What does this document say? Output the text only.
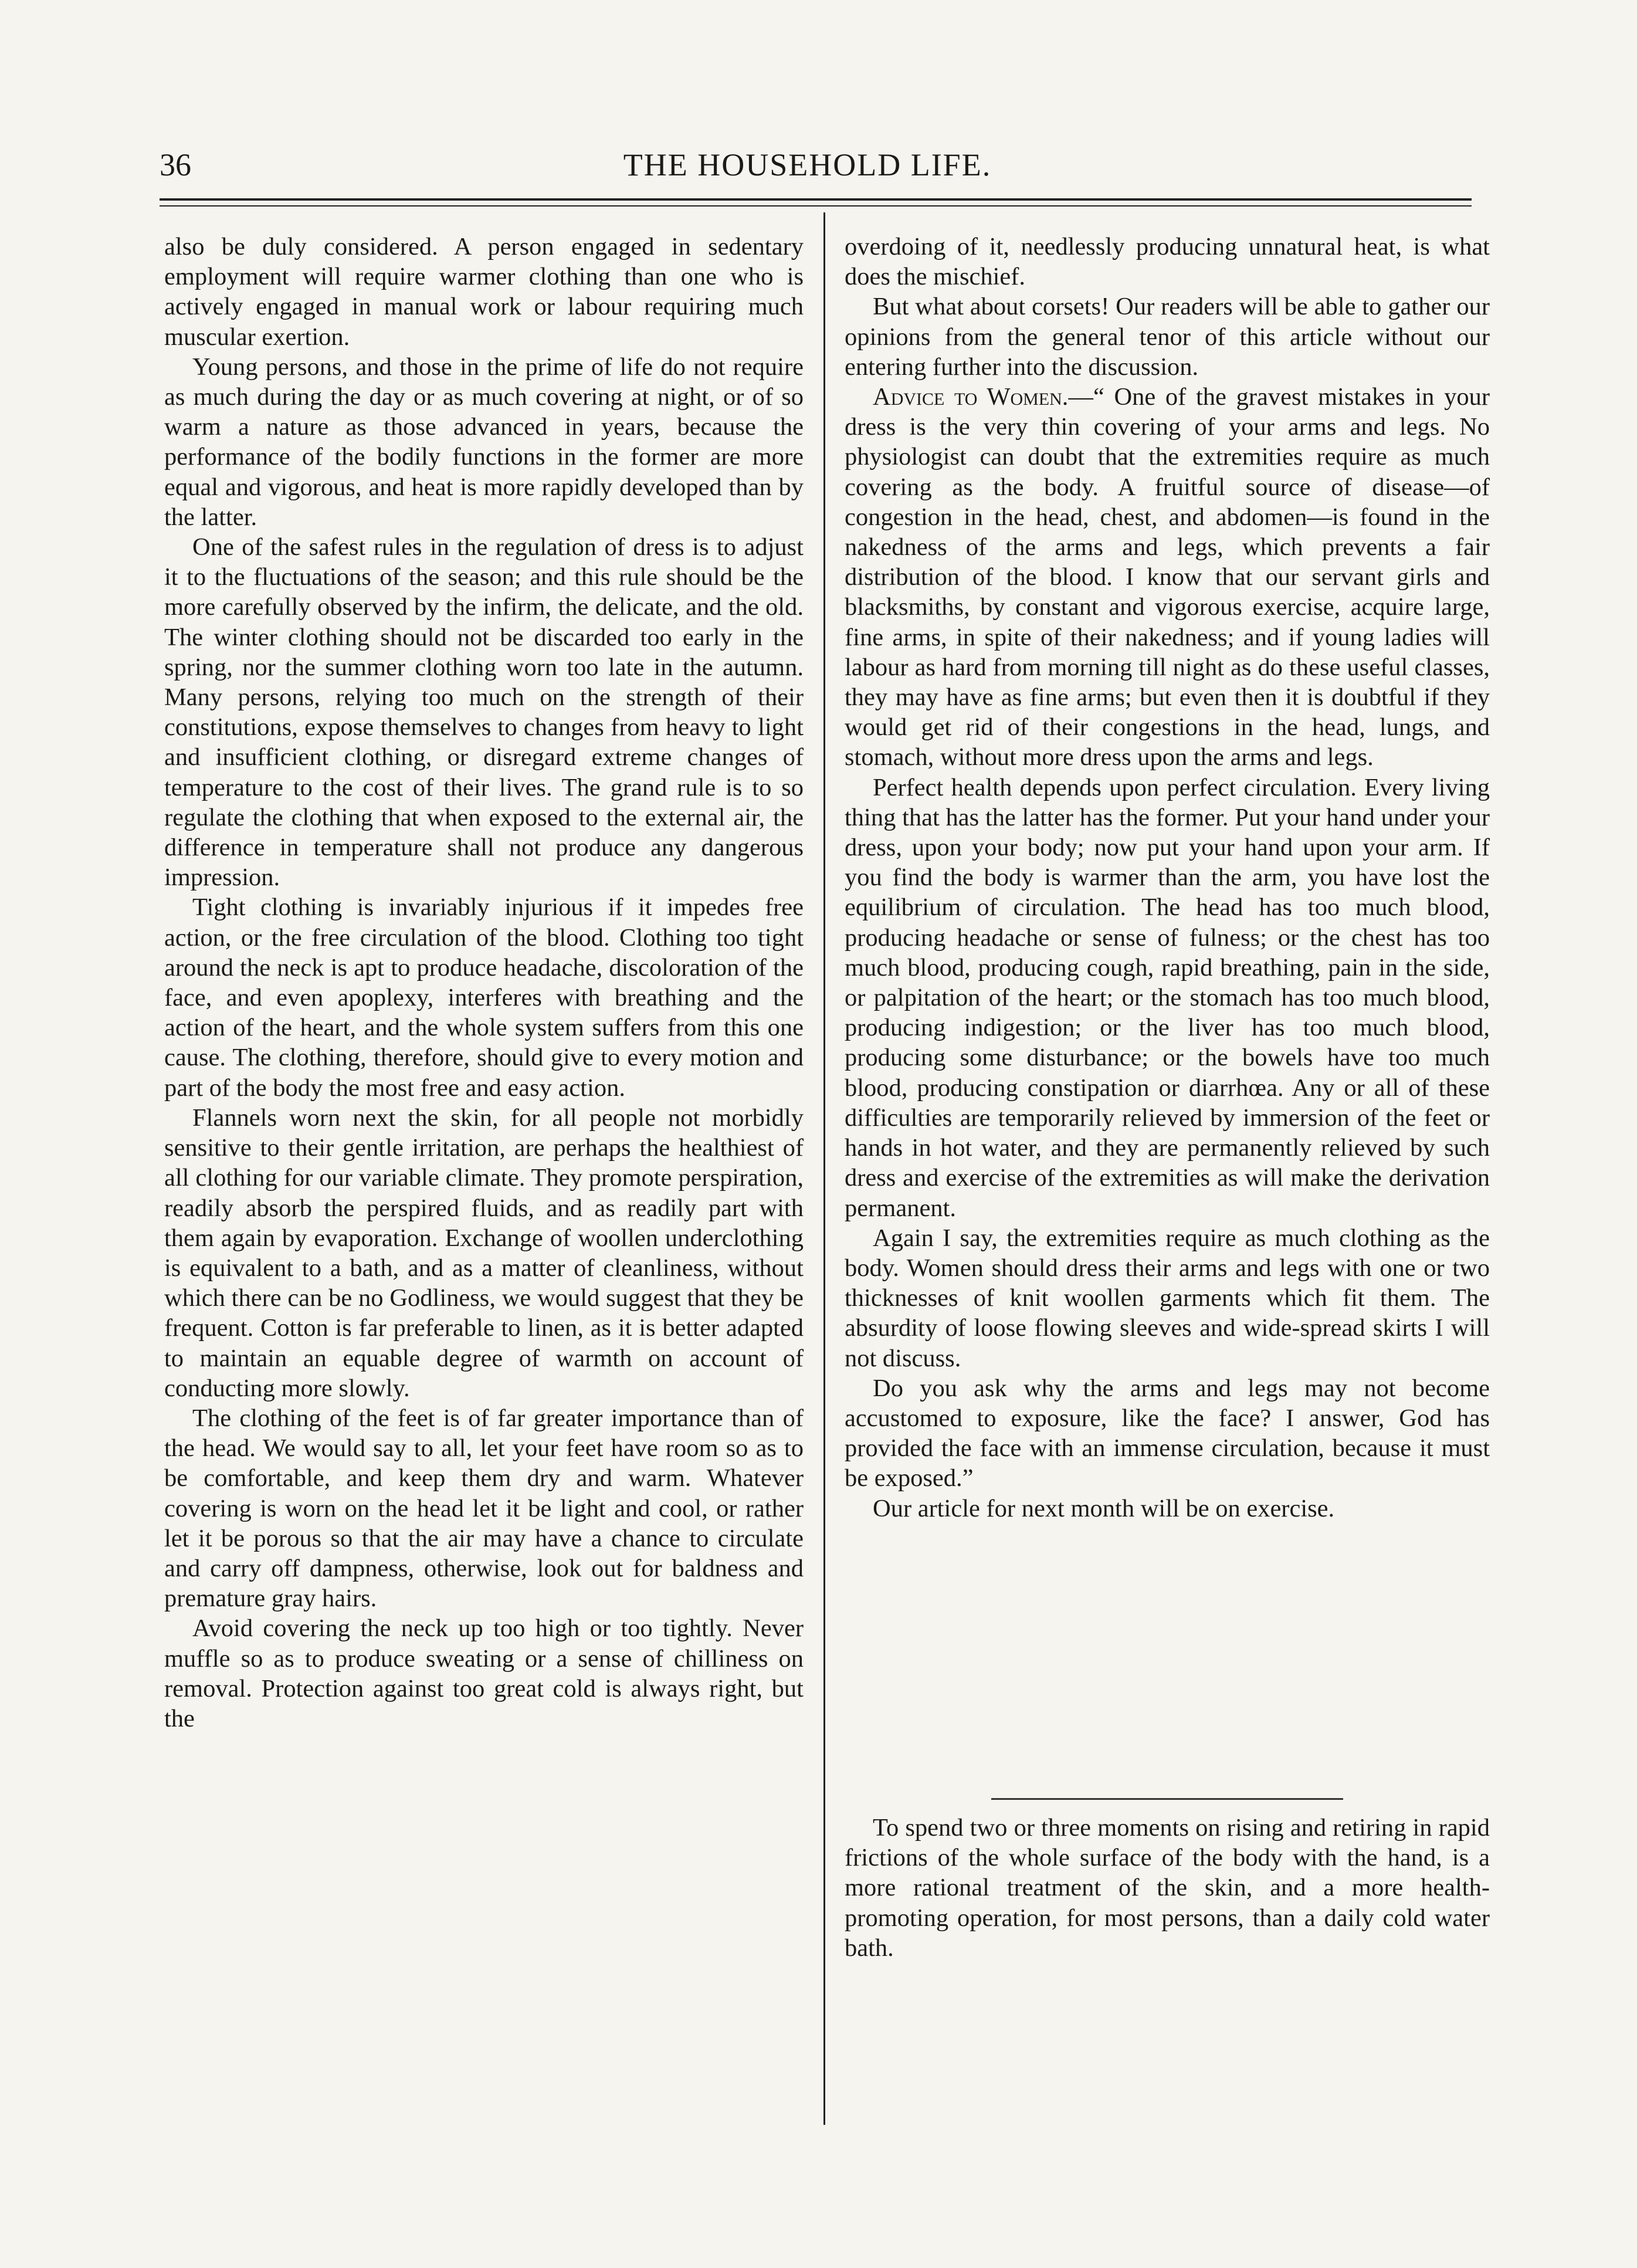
36	THE HOUSEHOLD LIFE.

also be duly considered. A person engaged in sedentary employment will require warmer clothing than one who is actively engaged in manual work or labour requiring much muscular exertion.

Young persons, and those in the prime of life do not require as much during the day or as much covering at night, or of so warm a nature as those advanced in years, because the performance of the bodily functions in the former are more equal and vigorous, and heat is more rapidly developed than by the latter.

One of the safest rules in the regulation of dress is to adjust it to the fluctuations of the season; and this rule should be the more carefully observed by the infirm, the delicate, and the old. The winter clothing should not be discarded too early in the spring, nor the summer clothing worn too late in the autumn. Many persons, relying too much on the strength of their constitutions, expose themselves to changes from heavy to light and insufficient clothing, or disregard extreme changes of temperature to the cost of their lives. The grand rule is to so regulate the clothing that when exposed to the external air, the difference in temperature shall not produce any dangerous impression.

Tight clothing is invariably injurious if it impedes free action, or the free circulation of the blood. Clothing too tight around the neck is apt to produce headache, discoloration of the face, and even apoplexy, interferes with breathing and the action of the heart, and the whole system suffers from this one cause. The clothing, therefore, should give to every motion and part of the body the most free and easy action.

Flannels worn next the skin, for all people not morbidly sensitive to their gentle irritation, are perhaps the healthiest of all clothing for our variable climate. They promote perspiration, readily absorb the perspired fluids, and as readily part with them again by evaporation. Exchange of woollen underclothing is equivalent to a bath, and as a matter of cleanliness, without which there can be no Godliness, we would suggest that they be frequent. Cotton is far preferable to linen, as it is better adapted to maintain an equable degree of warmth on account of conducting more slowly.

The clothing of the feet is of far greater importance than of the head. We would say to all, let your feet have room so as to be comfortable, and keep them dry and warm. Whatever covering is worn on the head let it be light and cool, or rather let it be porous so that the air may have a chance to circulate and carry off dampness, otherwise, look out for baldness and premature gray hairs.

Avoid covering the neck up too high or too tightly. Never muffle so as to produce sweating or a sense of chilliness on removal. Protection against too great cold is always right, but the

overdoing of it, needlessly producing unnatural heat, is what does the mischief.

But what about corsets! Our readers will be able to gather our opinions from the general tenor of this article without our entering further into the discussion.

Advice to Women.—“ One of the gravest mistakes in your dress is the very thin covering of your arms and legs. No physiologist can doubt that the extremities require as much covering as the body. A fruitful source of disease—of congestion in the head, chest, and abdomen—is found in the nakedness of the arms and legs, which prevents a fair distribution of the blood. I know that our servant girls and blacksmiths, by constant and vigorous exercise, acquire large, fine arms, in spite of their nakedness; and if young ladies will labour as hard from morning till night as do these useful classes, they may have as fine arms; but even then it is doubtful if they would get rid of their congestions in the head, lungs, and stomach, without more dress upon the arms and legs.

Perfect health depends upon perfect circulation. Every living thing that has the latter has the former. Put your hand under your dress, upon your body; now put your hand upon your arm. If you find the body is warmer than the arm, you have lost the equilibrium of circulation. The head has too much blood, producing headache or sense of fulness; or the chest has too much blood, producing cough, rapid breathing, pain in the side, or palpitation of the heart; or the stomach has too much blood, producing indigestion; or the liver has too much blood, producing some disturbance; or the bowels have too much blood, producing constipation or diarrhœa. Any or all of these difficulties are temporarily relieved by immersion of the feet or hands in hot water, and they are permanently relieved by such dress and exercise of the extremities as will make the derivation permanent.

Again I say, the extremities require as much clothing as the body. Women should dress their arms and legs with one or two thicknesses of knit woollen garments which fit them. The absurdity of loose flowing sleeves and wide-spread skirts I will not discuss.

Do you ask why the arms and legs may not become accustomed to exposure, like the face? I answer, God has provided the face with an immense circulation, because it must be exposed.”

Our article for next month will be on exercise.

To spend two or three moments on rising and retiring in rapid frictions of the whole surface of the body with the hand, is a more rational treatment of the skin, and a more health-promoting operation, for most persons, than a daily cold water bath.
